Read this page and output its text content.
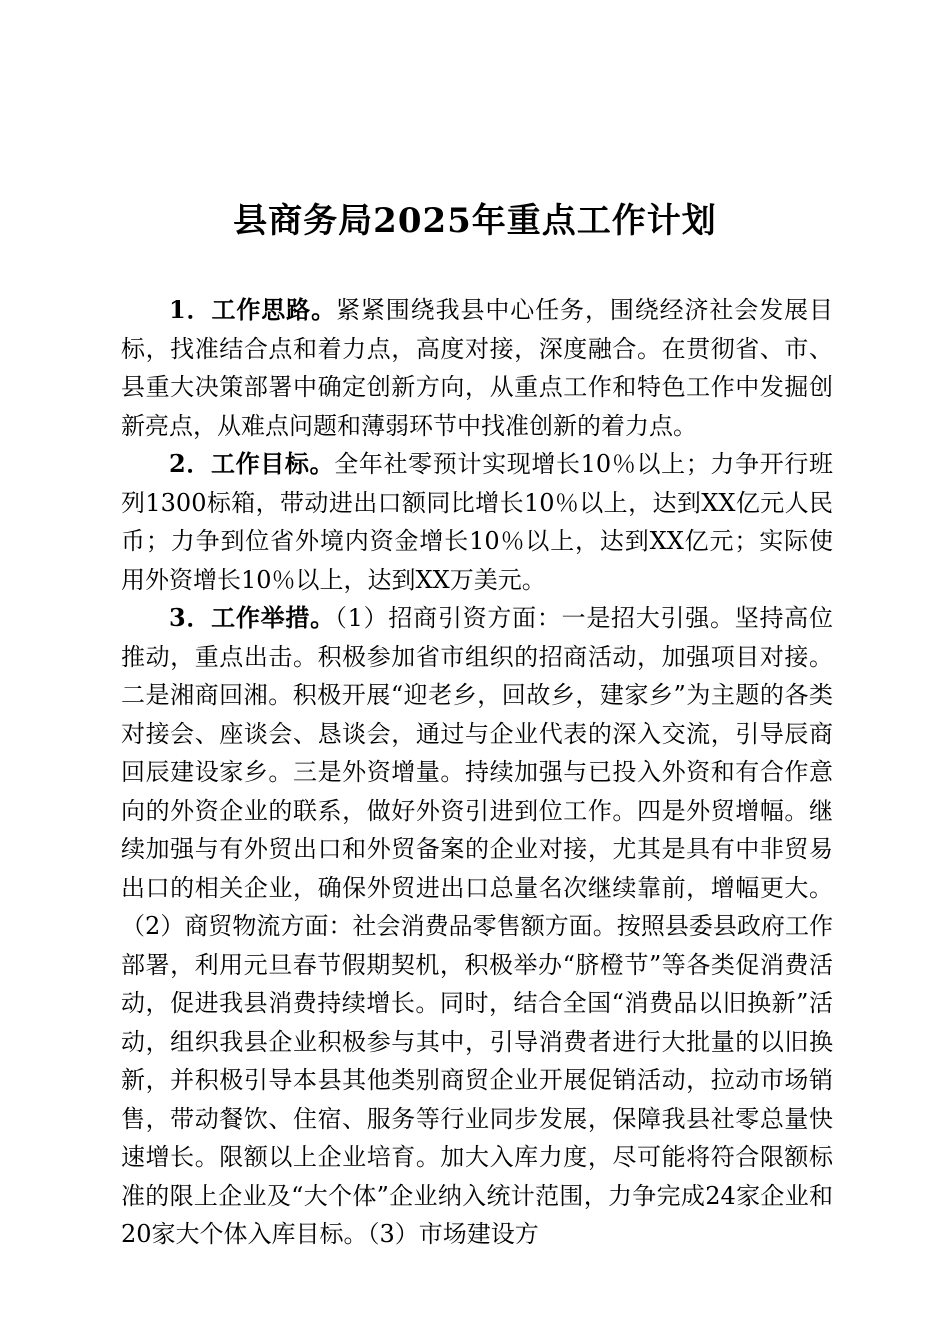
县商务局2025年重点工作计划

1．工作思路。紧紧围绕我县中心任务，围绕经济社会发展目标，找准结合点和着力点，高度对接，深度融合。在贯彻省、市、县重大决策部署中确定创新方向，从重点工作和特色工作中发掘创新亮点，从难点问题和薄弱环节中找准创新的着力点。

2．工作目标。全年社零预计实现增长10％以上；力争开行班列1300标箱，带动进出口额同比增长10％以上，达到XX亿元人民币；力争到位省外境内资金增长10％以上，达到XX亿元；实际使用外资增长10％以上，达到XX万美元。

3．工作举措。（1）招商引资方面：一是招大引强。坚持高位推动，重点出击。积极参加省市组织的招商活动，加强项目对接。二是湘商回湘。积极开展“迎老乡，回故乡，建家乡”为主题的各类对接会、座谈会、恳谈会，通过与企业代表的深入交流，引导辰商回辰建设家乡。三是外资增量。持续加强与已投入外资和有合作意向的外资企业的联系，做好外资引进到位工作。四是外贸增幅。继续加强与有外贸出口和外贸备案的企业对接，尤其是具有中非贸易出口的相关企业，确保外贸进出口总量名次继续靠前，增幅更大。（2）商贸物流方面：社会消费品零售额方面。按照县委县政府工作部署，利用元旦春节假期契机，积极举办“脐橙节”等各类促消费活动，促进我县消费持续增长。同时，结合全国“消费品以旧换新”活动，组织我县企业积极参与其中，引导消费者进行大批量的以旧换新，并积极引导本县其他类别商贸企业开展促销活动，拉动市场销售，带动餐饮、住宿、服务等行业同步发展，保障我县社零总量快速增长。限额以上企业培育。加大入库力度，尽可能将符合限额标准的限上企业及“大个体”企业纳入统计范围，力争完成24家企业和20家大个体入库目标。（3）市场建设方
